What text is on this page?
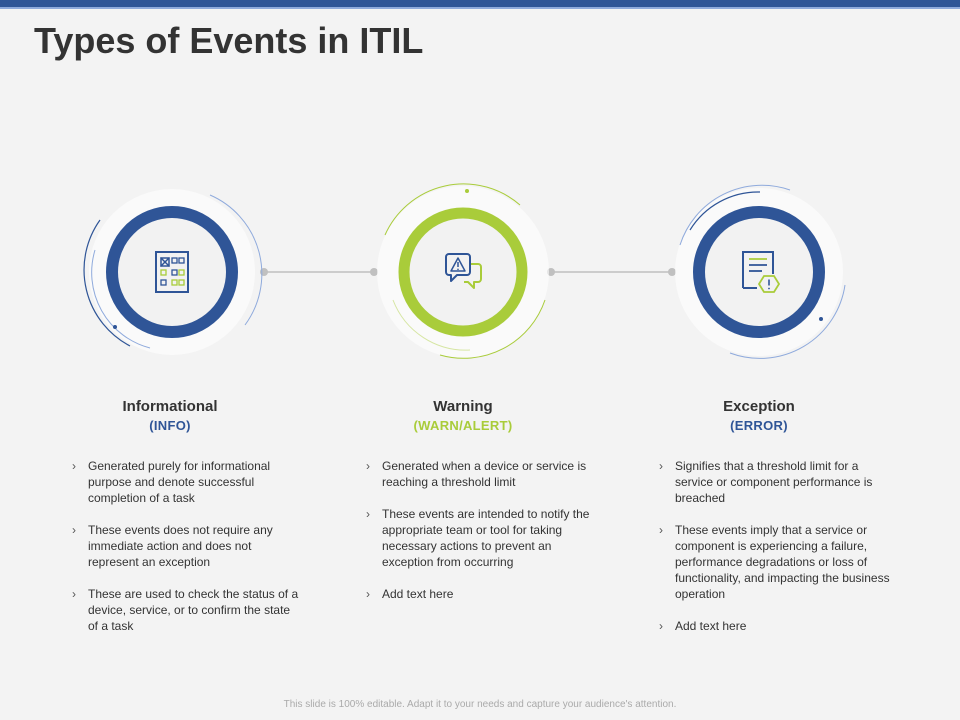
Types of Events in ITIL
Informational
(INFO)
› Generated purely for informational purpose and denote successful completion of a task
› These events does not require any immediate action and does not represent an exception
› These are used to check the status of a device, service, or to confirm the state of a task
Warning
(WARN/ALERT)
› Generated when a device or service is reaching a threshold limit
› These events are intended to notify the appropriate team or tool for taking necessary actions to prevent an exception from occurring
› Add text here
Exception
(ERROR)
› Signifies that a threshold limit for a service or component performance is breached
› These events imply that a service or component is experiencing a failure, performance degradations or loss of functionality, and impacting the business operation
› Add text here
This slide is 100% editable. Adapt it to your needs and capture your audience's attention.
